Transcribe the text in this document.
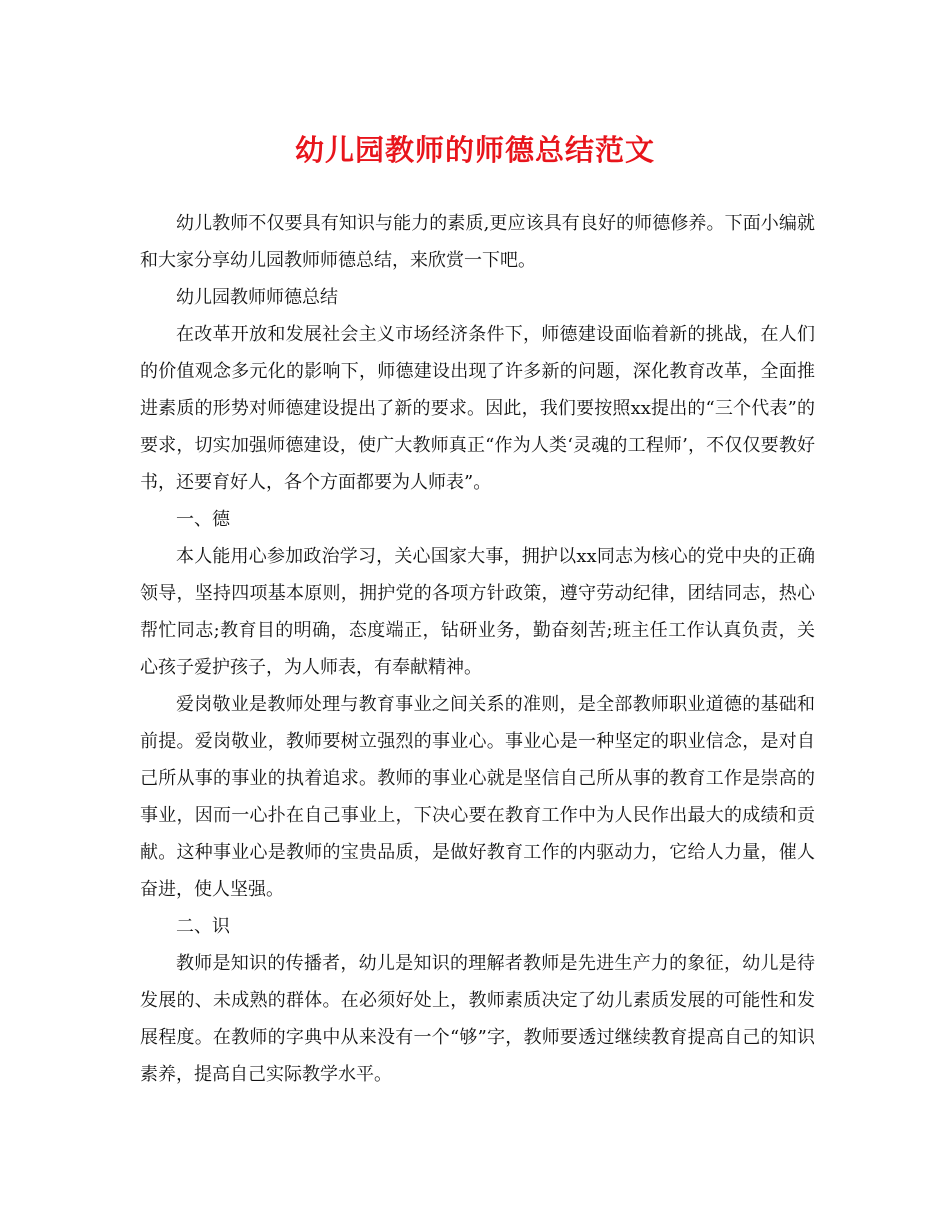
幼儿园教师的师德总结范文

幼儿教师不仅要具有知识与能力的素质,更应该具有良好的师德修养。下面小编就和大家分享幼儿园教师师德总结，来欣赏一下吧。

幼儿园教师师德总结

在改革开放和发展社会主义市场经济条件下，师德建设面临着新的挑战，在人们的价值观念多元化的影响下，师德建设出现了许多新的问题，深化教育改革，全面推进素质的形势对师德建设提出了新的要求。因此，我们要按照xx提出的“三个代表”的要求，切实加强师德建设，使广大教师真正“作为人类‘灵魂的工程师’，不仅仅要教好书，还要育好人，各个方面都要为人师表”。

一、德

本人能用心参加政治学习，关心国家大事，拥护以xx同志为核心的党中央的正确领导，坚持四项基本原则，拥护党的各项方针政策，遵守劳动纪律，团结同志，热心帮忙同志;教育目的明确，态度端正，钻研业务，勤奋刻苦;班主任工作认真负责，关心孩子爱护孩子，为人师表，有奉献精神。

爱岗敬业是教师处理与教育事业之间关系的准则，是全部教师职业道德的基础和前提。爱岗敬业，教师要树立强烈的事业心。事业心是一种坚定的职业信念，是对自己所从事的事业的执着追求。教师的事业心就是坚信自己所从事的教育工作是崇高的事业，因而一心扑在自己事业上，下决心要在教育工作中为人民作出最大的成绩和贡献。这种事业心是教师的宝贵品质，是做好教育工作的内驱动力，它给人力量，催人奋进，使人坚强。

二、识

教师是知识的传播者，幼儿是知识的理解者教师是先进生产力的象征，幼儿是待发展的、未成熟的群体。在必须好处上，教师素质决定了幼儿素质发展的可能性和发展程度。在教师的字典中从来没有一个“够”字，教师要透过继续教育提高自己的知识素养，提高自己实际教学水平。
